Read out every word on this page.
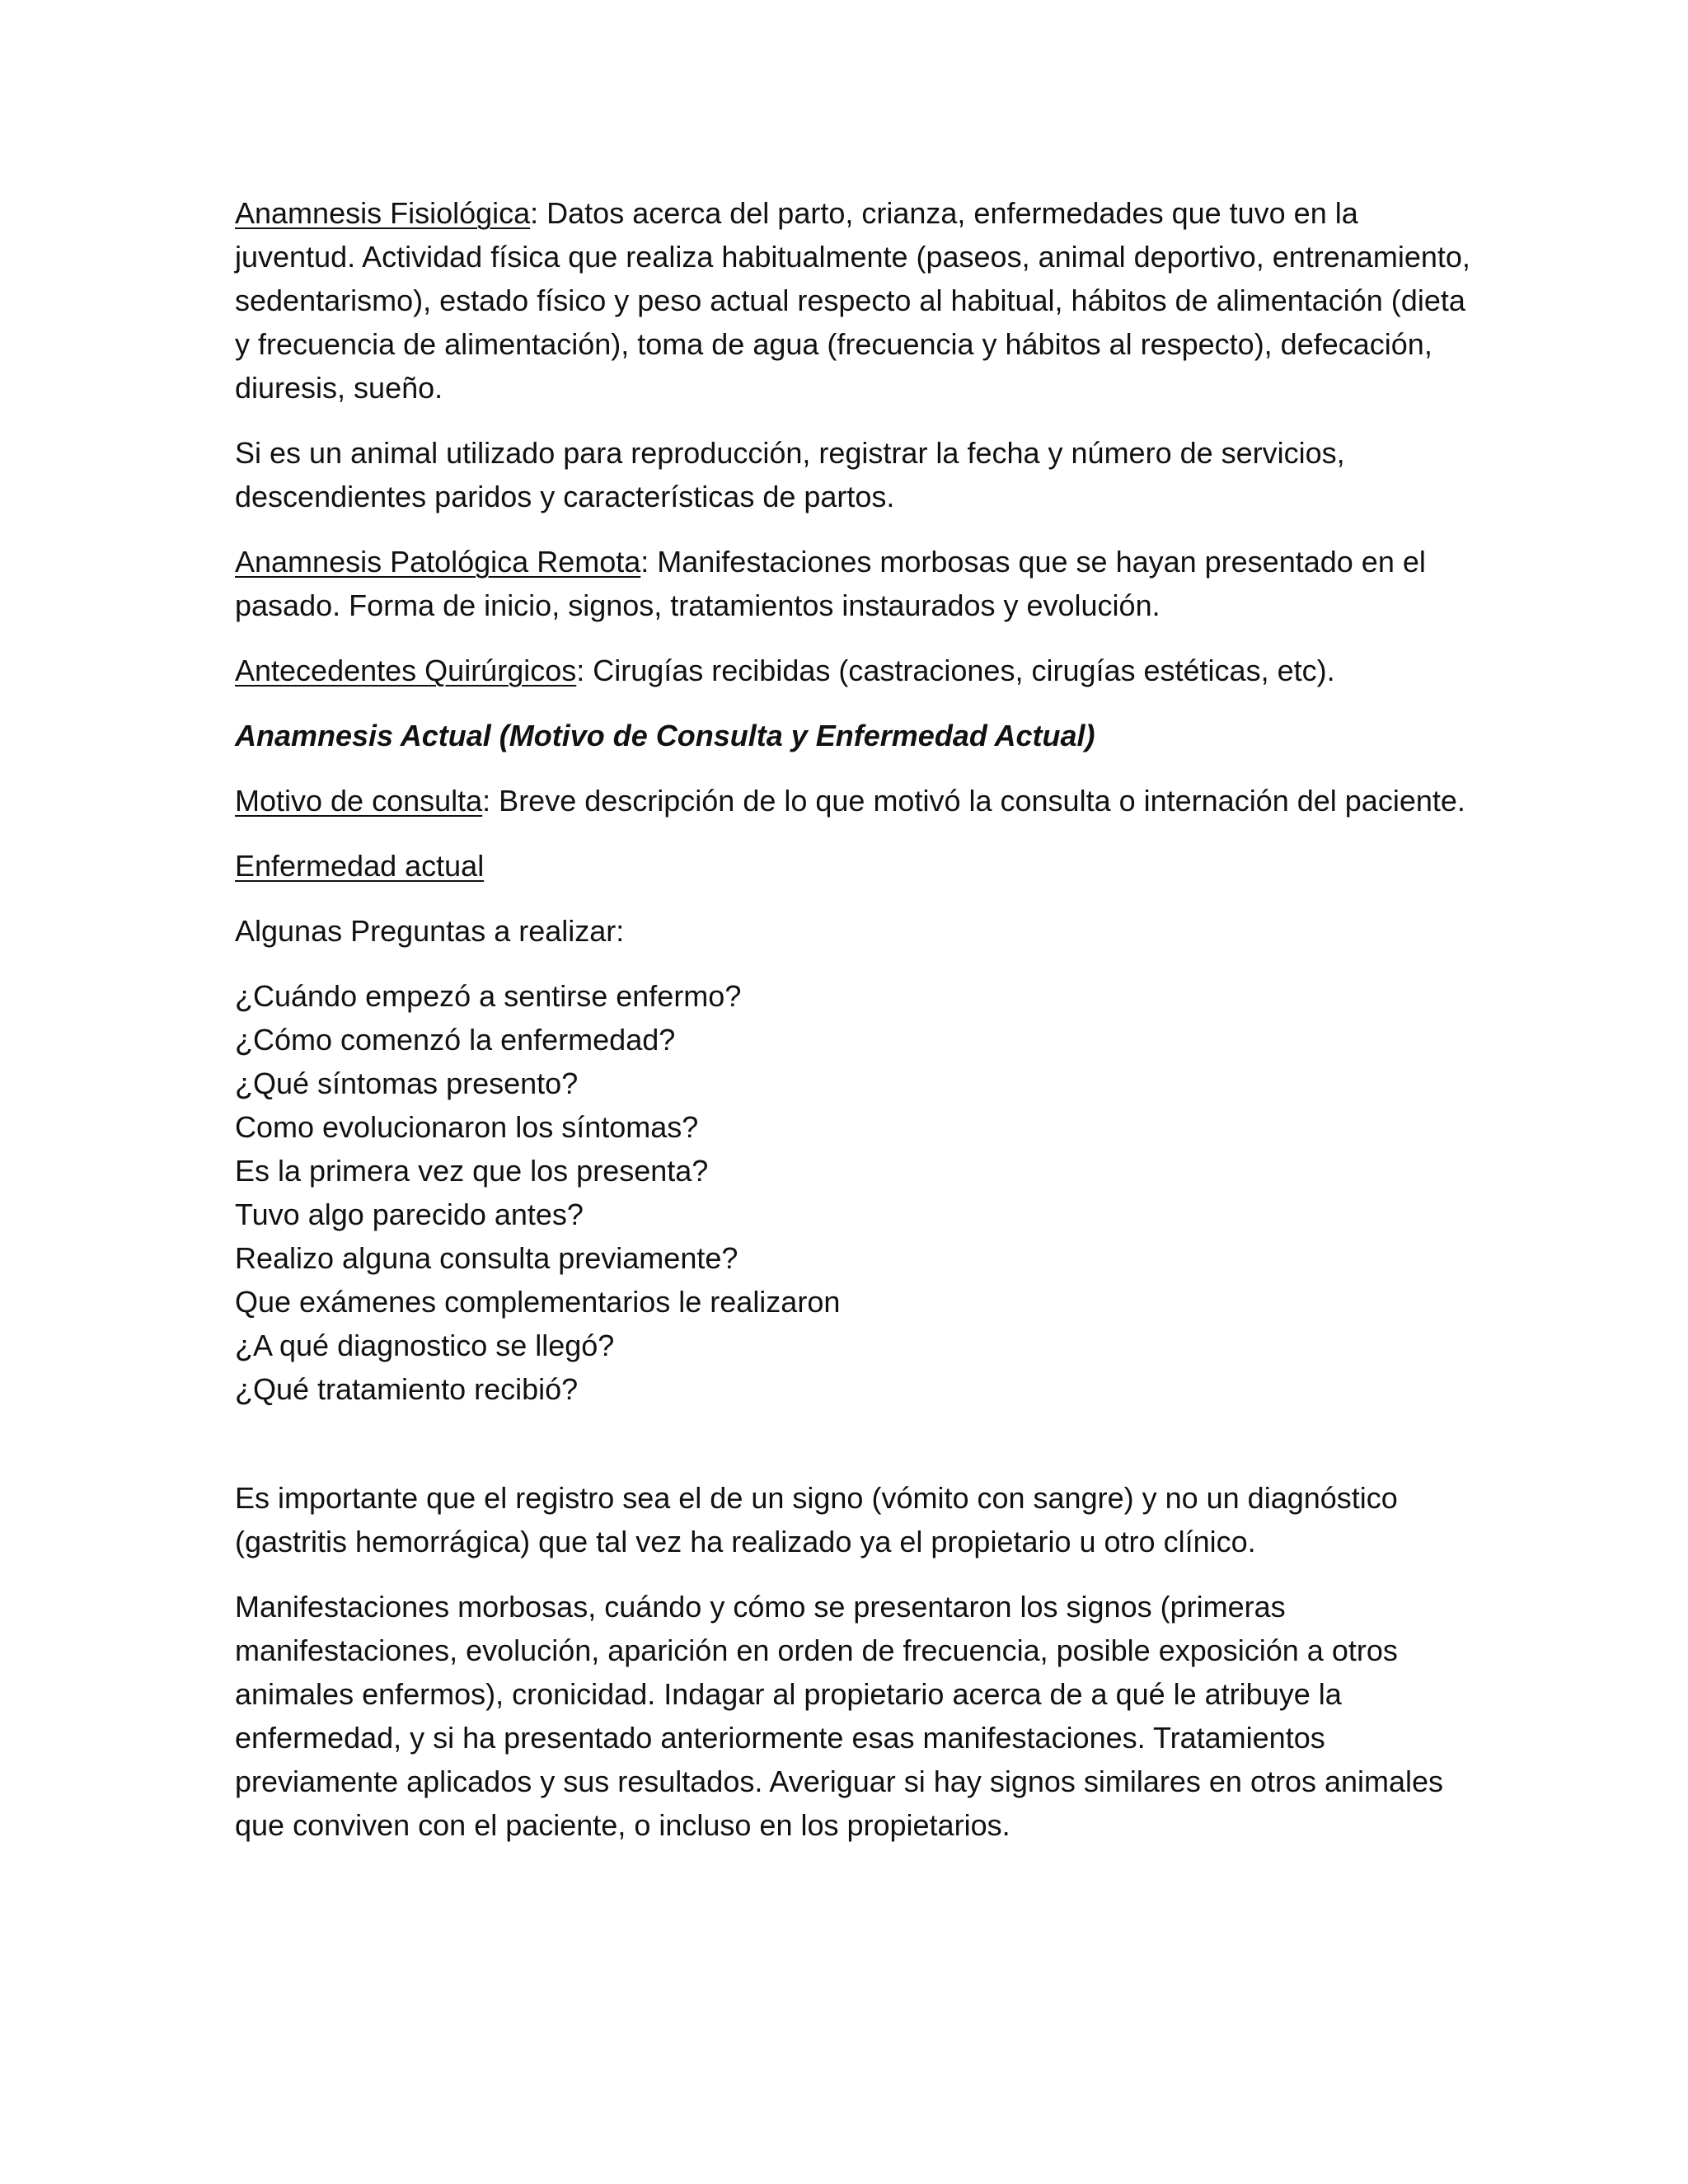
Anamnesis Fisiológica: Datos acerca del parto, crianza, enfermedades que tuvo en la juventud. Actividad física que realiza habitualmente (paseos, animal deportivo, entrenamiento, sedentarismo), estado físico y peso actual respecto al habitual, hábitos de alimentación (dieta y frecuencia de alimentación), toma de agua (frecuencia y hábitos al respecto), defecación, diuresis, sueño.

Si es un animal utilizado para reproducción, registrar la fecha y número de servicios, descendientes paridos y características de partos.

Anamnesis Patológica Remota: Manifestaciones morbosas que se hayan presentado en el pasado. Forma de inicio, signos, tratamientos instaurados y evolución.

Antecedentes Quirúrgicos: Cirugías recibidas (castraciones, cirugías estéticas, etc).

Anamnesis Actual (Motivo de Consulta y Enfermedad Actual)

Motivo de consulta: Breve descripción de lo que motivó la consulta o internación del paciente.

Enfermedad actual

Algunas Preguntas a realizar:

¿Cuándo empezó a sentirse enfermo?
¿Cómo comenzó la enfermedad?
¿Qué síntomas presento?
Como evolucionaron los síntomas?
Es la primera vez que los presenta?
Tuvo algo parecido antes?
Realizo alguna consulta previamente?
Que exámenes complementarios le realizaron
¿A qué diagnostico se llegó?
¿Qué tratamiento recibió?

Es importante que el registro sea el de un signo (vómito con sangre) y no un diagnóstico (gastritis hemorrágica) que tal vez ha realizado ya el propietario u otro clínico.

Manifestaciones morbosas, cuándo y cómo se presentaron los signos (primeras manifestaciones, evolución, aparición en orden de frecuencia, posible exposición a otros animales enfermos), cronicidad. Indagar al propietario acerca de a qué le atribuye la enfermedad, y si ha presentado anteriormente esas manifestaciones. Tratamientos previamente aplicados y sus resultados. Averiguar si hay signos similares en otros animales que conviven con el paciente, o incluso en los propietarios.
